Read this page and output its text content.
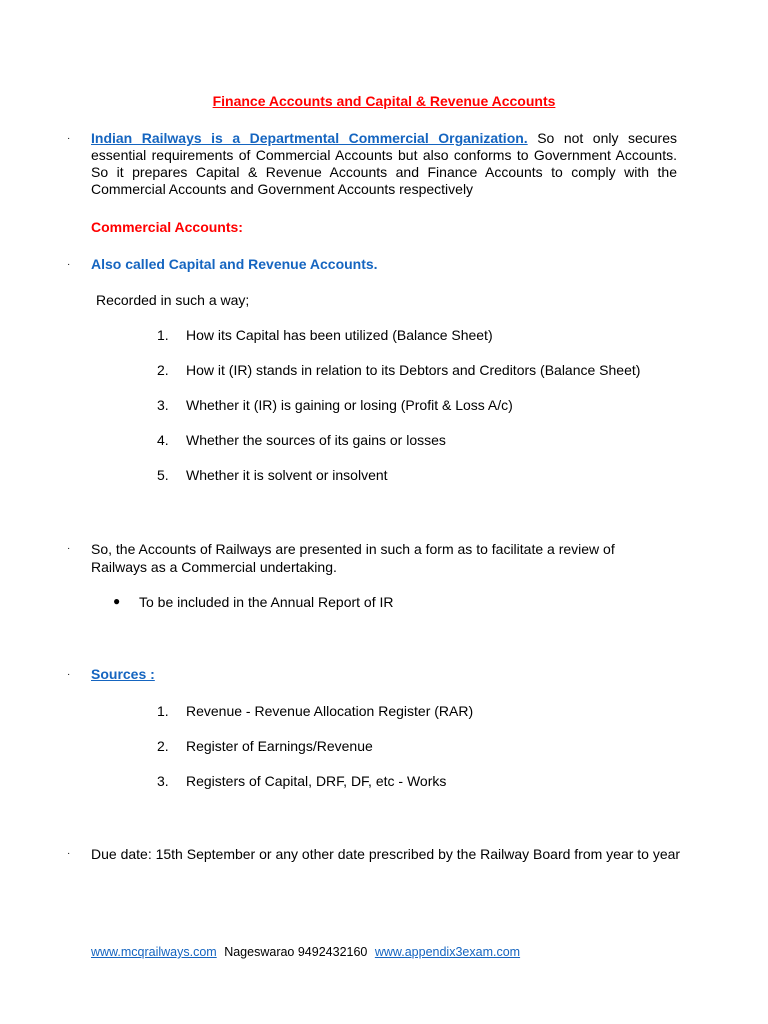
Finance Accounts and Capital & Revenue Accounts
· Indian Railways is a Departmental Commercial Organization. So not only secures essential requirements of Commercial Accounts but also conforms to Government Accounts. So it prepares Capital & Revenue Accounts and Finance Accounts to comply with the Commercial Accounts and Government Accounts respectively
Commercial Accounts:
· Also called Capital and Revenue Accounts.
Recorded in such a way;
1.	How its Capital has been utilized (Balance Sheet)
2.	How it (IR) stands in relation to its Debtors and Creditors (Balance Sheet)
3.	Whether it (IR) is gaining or losing (Profit & Loss A/c)
4.	Whether the sources of its gains or losses
5.	Whether it is solvent or insolvent
· So, the Accounts of Railways are presented in such a form as to facilitate a review of Railways as a Commercial undertaking.
● To be included in the Annual Report of IR
· Sources :
1.	Revenue - Revenue Allocation Register (RAR)
2.	Register of Earnings/Revenue
3.	Registers of Capital, DRF, DF, etc - Works
· Due date: 15th September or any other date prescribed by the Railway Board from year to year
www.mcqrailways.com Nageswarao 9492432160 www.appendix3exam.com
